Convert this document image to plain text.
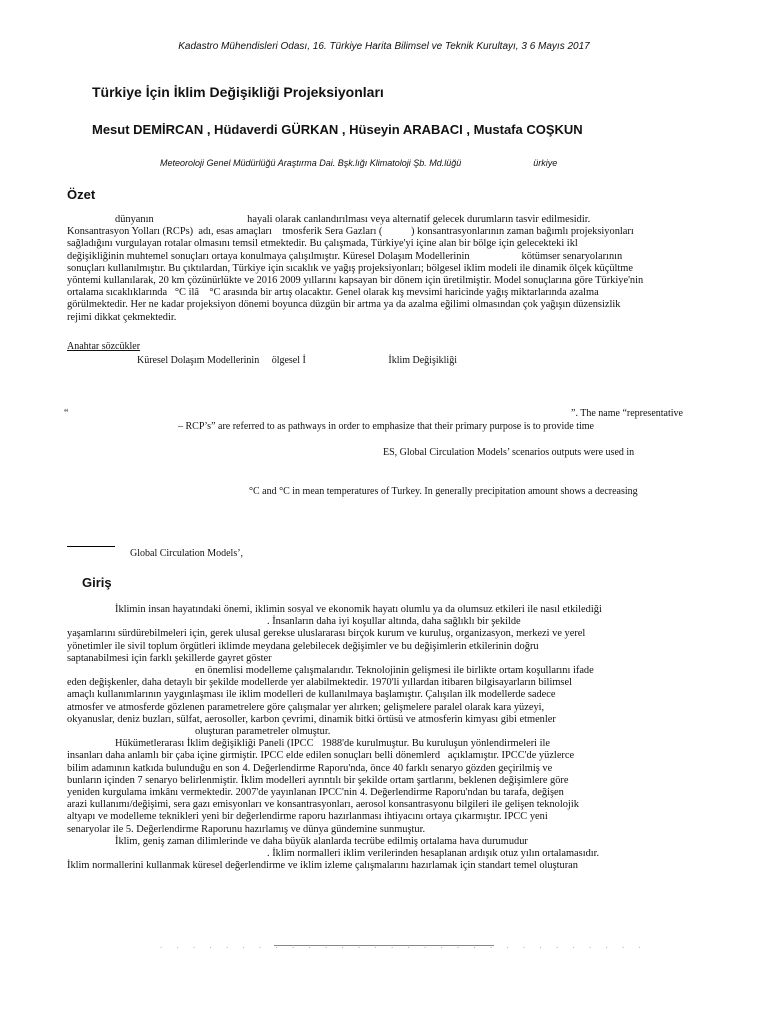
Kadastro Mühendisleri Odası, 16. Türkiye Harita Bilimsel ve Teknik Kurultayı, 3 6 Mayıs 2017
Türkiye İçin İklim Değişikliği Projeksiyonları
Mesut DEMİRCAN , Hüdaverdi GÜRKAN , Hüseyin ARABACI , Mustafa COŞKUN
Meteoroloji Genel Müdürlüğü Araştırma Dai. Bşk.lığı Klimatoloji Şb. Md.lüğü	ürkiye
Özet
dünyanın                                    hayali olarak canlandırılması veya alternatif gelecek durumların tasvir edilmesidir.
Konsantrasyon Yolları (RCPs)  adı, esas amaçları    tmosferik Sera Gazları (           ) konsantrasyonlarının zaman bağımlı projeksiyonları
sağladığını vurgulayan rotalar olmasını temsil etmektedir. Bu çalışmada, Türkiye'yi içine alan bir bölge için gelecekteki ikl
değişikliğinin muhtemel sonuçları ortaya konulmaya çalışılmıştır. Küresel Dolaşım Modellerinin                    kötümser senaryolarının
sonuçları kullanılmıştır. Bu çıktılardan, Türkiye için sıcaklık ve yağış projeksiyonları; bölgesel iklim modeli ile dinamik ölçek küçültme
yöntemi kullanılarak, 20 km çözünürlükte ve 2016 2009 yıllarını kapsayan bir dönem için üretilmiştir. Model sonuçlarına göre Türkiye'nin
ortalama sıcaklıklarında   °C ilâ    °C arasında bir artış olacaktır. Genel olarak kış mevsimi haricinde yağış miktarlarında azalma
görülmektedir. Her ne kadar projeksiyon dönemi boyunca düzgün bir artma ya da azalma eğilimi olmasından çok yağışın düzensizlik
rejimi dikkat çekmektedir.
Anahtar sözcükler
Küresel Dolaşım Modellerinin ölgesel İ	İklim Değişikliği
“	”. The name “representative
– RCP’s” are referred to as pathways in order to emphasize that their primary purpose is to provide time
ES, Global Circulation Models’ scenarios outputs were used in
°C and °C in mean temperatures of Turkey. In generally precipitation amount shows a decreasing
Global Circulation Models’,
Giriş
İklimin insan hayatındaki önemi, iklimin sosyal ve ekonomik hayatı olumlu ya da olumsuz etkileri ile nasıl etkilediği
. İnsanların daha iyi koşullar altında, daha sağlıklı bir şekilde
yaşamlarını sürdürebilmeleri için, gerek ulusal gerekse uluslararası birçok kurum ve kuruluş, organizasyon, merkezi ve yerel
yönetimler ile sivil toplum örgütleri iklimde meydana gelebilecek değişimler ve bu değişimlerin etkilerinin doğru
saptanabilmesi için farklı şekillerde gayret göster
en önemlisi modelleme çalışmalarıdır. Teknolojinin gelişmesi ile birlikte ortam koşullarını ifade
eden değişkenler, daha detaylı bir şekilde modellerde yer alabilmektedir. 1970'li yıllardan itibaren bilgisayarların bilimsel
amaçlı kullanımlarının yaygınlaşması ile iklim modelleri de kullanılmaya başlamıştır. Çalışılan ilk modellerde sadece
atmosfer ve atmosferde gözlenen parametrelere göre çalışmalar yer alırken; gelişmelere paralel olarak kara yüzeyi,
okyanuslar, deniz buzları, sülfat, aerosoller, karbon çevrimi, dinamik bitki örtüsü ve atmosferin kimyası gibi etmenler
oluşturan parametreler olmuştur.
Hükümetlerarası İklim değişikliği Paneli (IPCC   1988'de kurulmuştur. Bu kuruluşun yönlendirmeleri ile
insanları daha anlamlı bir çaba içine girmiştir. IPCC elde edilen sonuçları belli dönemlerd   açıklamıştır. IPCC'de yüzlerce
bilim adamının katkıda bulunduğu en son 4. Değerlendirme Raporu'nda, önce 40 farklı senaryo gözden geçirilmiş ve
bunların içinden 7 senaryo belirlenmiştir. İklim modelleri ayrıntılı bir şekilde ortam şartlarını, beklenen değişimlere göre
yeniden kurgulama imkânı vermektedir. 2007'de yayınlanan IPCC'nin 4. Değerlendirme Raporu'ndan bu tarafa, değişen
arazi kullanımı/değişimi, sera gazı emisyonları ve konsantrasyonları, aerosol konsantrasyonu bilgileri ile gelişen teknolojik
altyapı ve modelleme teknikleri yeni bir değerlendirme raporu hazırlanması ihtiyacını ortaya çıkarmıştır. IPCC yeni
senaryolar ile 5. Değerlendirme Raporunu hazırlamış ve dünya gündemine sunmuştur.
İklim, geniş zaman dilimlerinde ve daha büyük alanlarda tecrübe edilmiş ortalama hava durumudur
. İklim normalleri iklim verilerinden hesaplanan ardışık otuz yılın ortalamasıdır.
İklim normallerini kullanmak küresel değerlendirme ve iklim izleme çalışmalarını hazırlamak için standart temel oluşturan
. . . . . . . . . . . . . . . . . . . . . . . . . . . . . .
